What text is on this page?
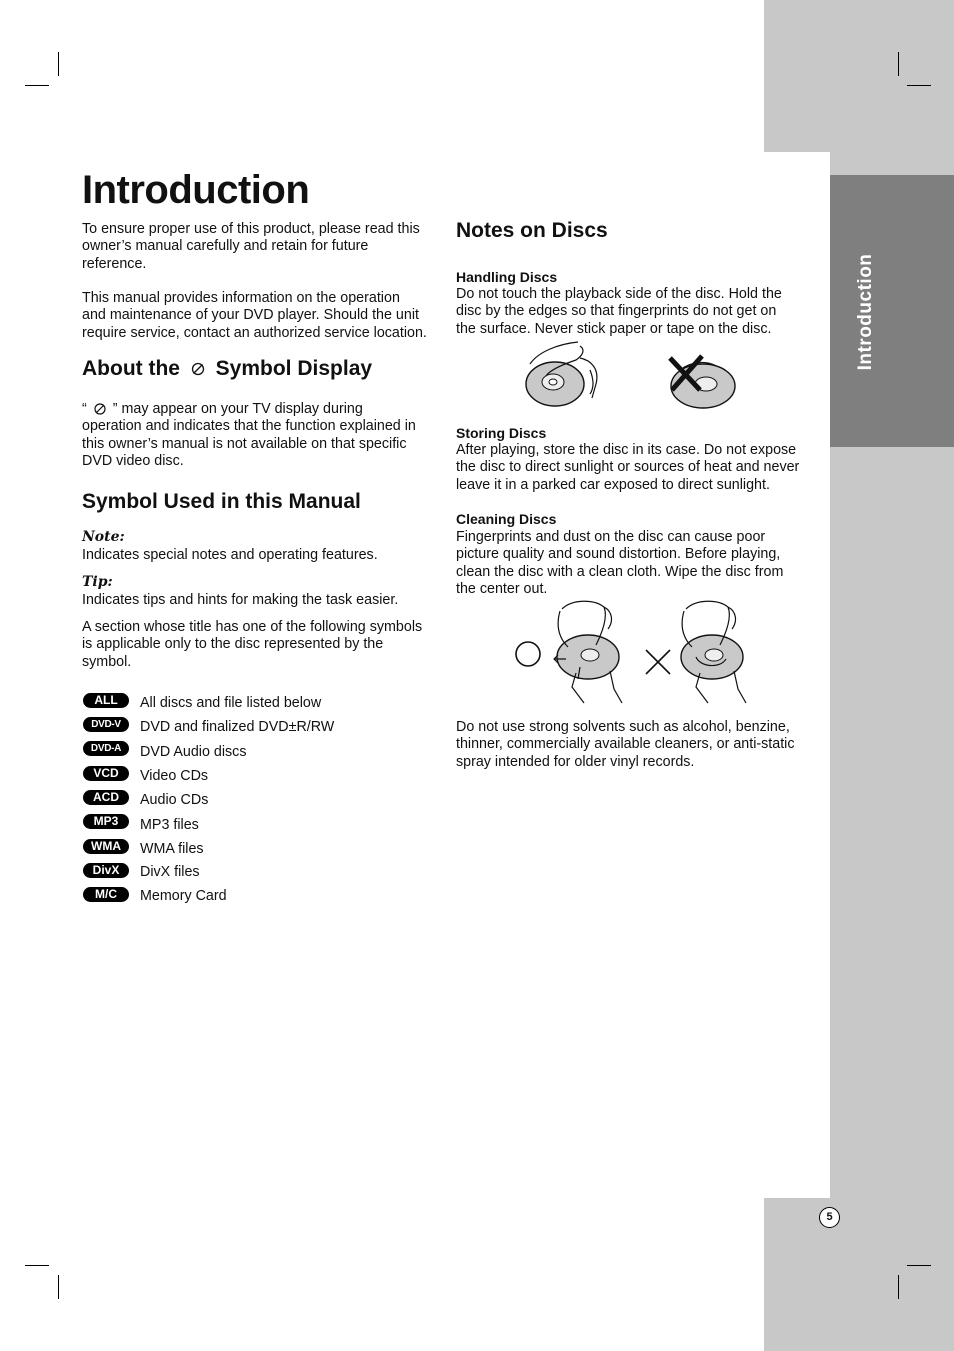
Introduction
Introduction
To ensure proper use of this product, please read this
owner’s manual carefully and retain for future
reference.
This manual provides information on the operation
and maintenance of your DVD player. Should the unit
require service, contact an authorized service location.
About the Symbol Display
“ ” may appear on your TV display during
operation and indicates that the function explained in
this owner’s manual is not available on that specific
DVD video disc.
Symbol Used in this Manual
Note:
Indicates special notes and operating features.
Tip:
Indicates tips and hints for making the task easier.
A section whose title has one of the following symbols
is applicable only to the disc represented by the
symbol.
ALL	All discs and file listed below
DVD-V	DVD and finalized DVD±R/RW
DVD-A	DVD Audio discs
VCD	Video CDs
ACD	Audio CDs
MP3	MP3 files
WMA	WMA files
DivX	DivX files
M/C	Memory Card
Notes on Discs
Handling Discs
Do not touch the playback side of the disc. Hold the
disc by the edges so that fingerprints do not get on
the surface. Never stick paper or tape on the disc.
Storing Discs
After playing, store the disc in its case. Do not expose
the disc to direct sunlight or sources of heat and never
leave it in a parked car exposed to direct sunlight.
Cleaning Discs
Fingerprints and dust on the disc can cause poor
picture quality and sound distortion. Before playing,
clean the disc with a clean cloth. Wipe the disc from
the center out.
Do not use strong solvents such as alcohol, benzine,
thinner, commercially available cleaners, or anti-static
spray intended for older vinyl records.
5
